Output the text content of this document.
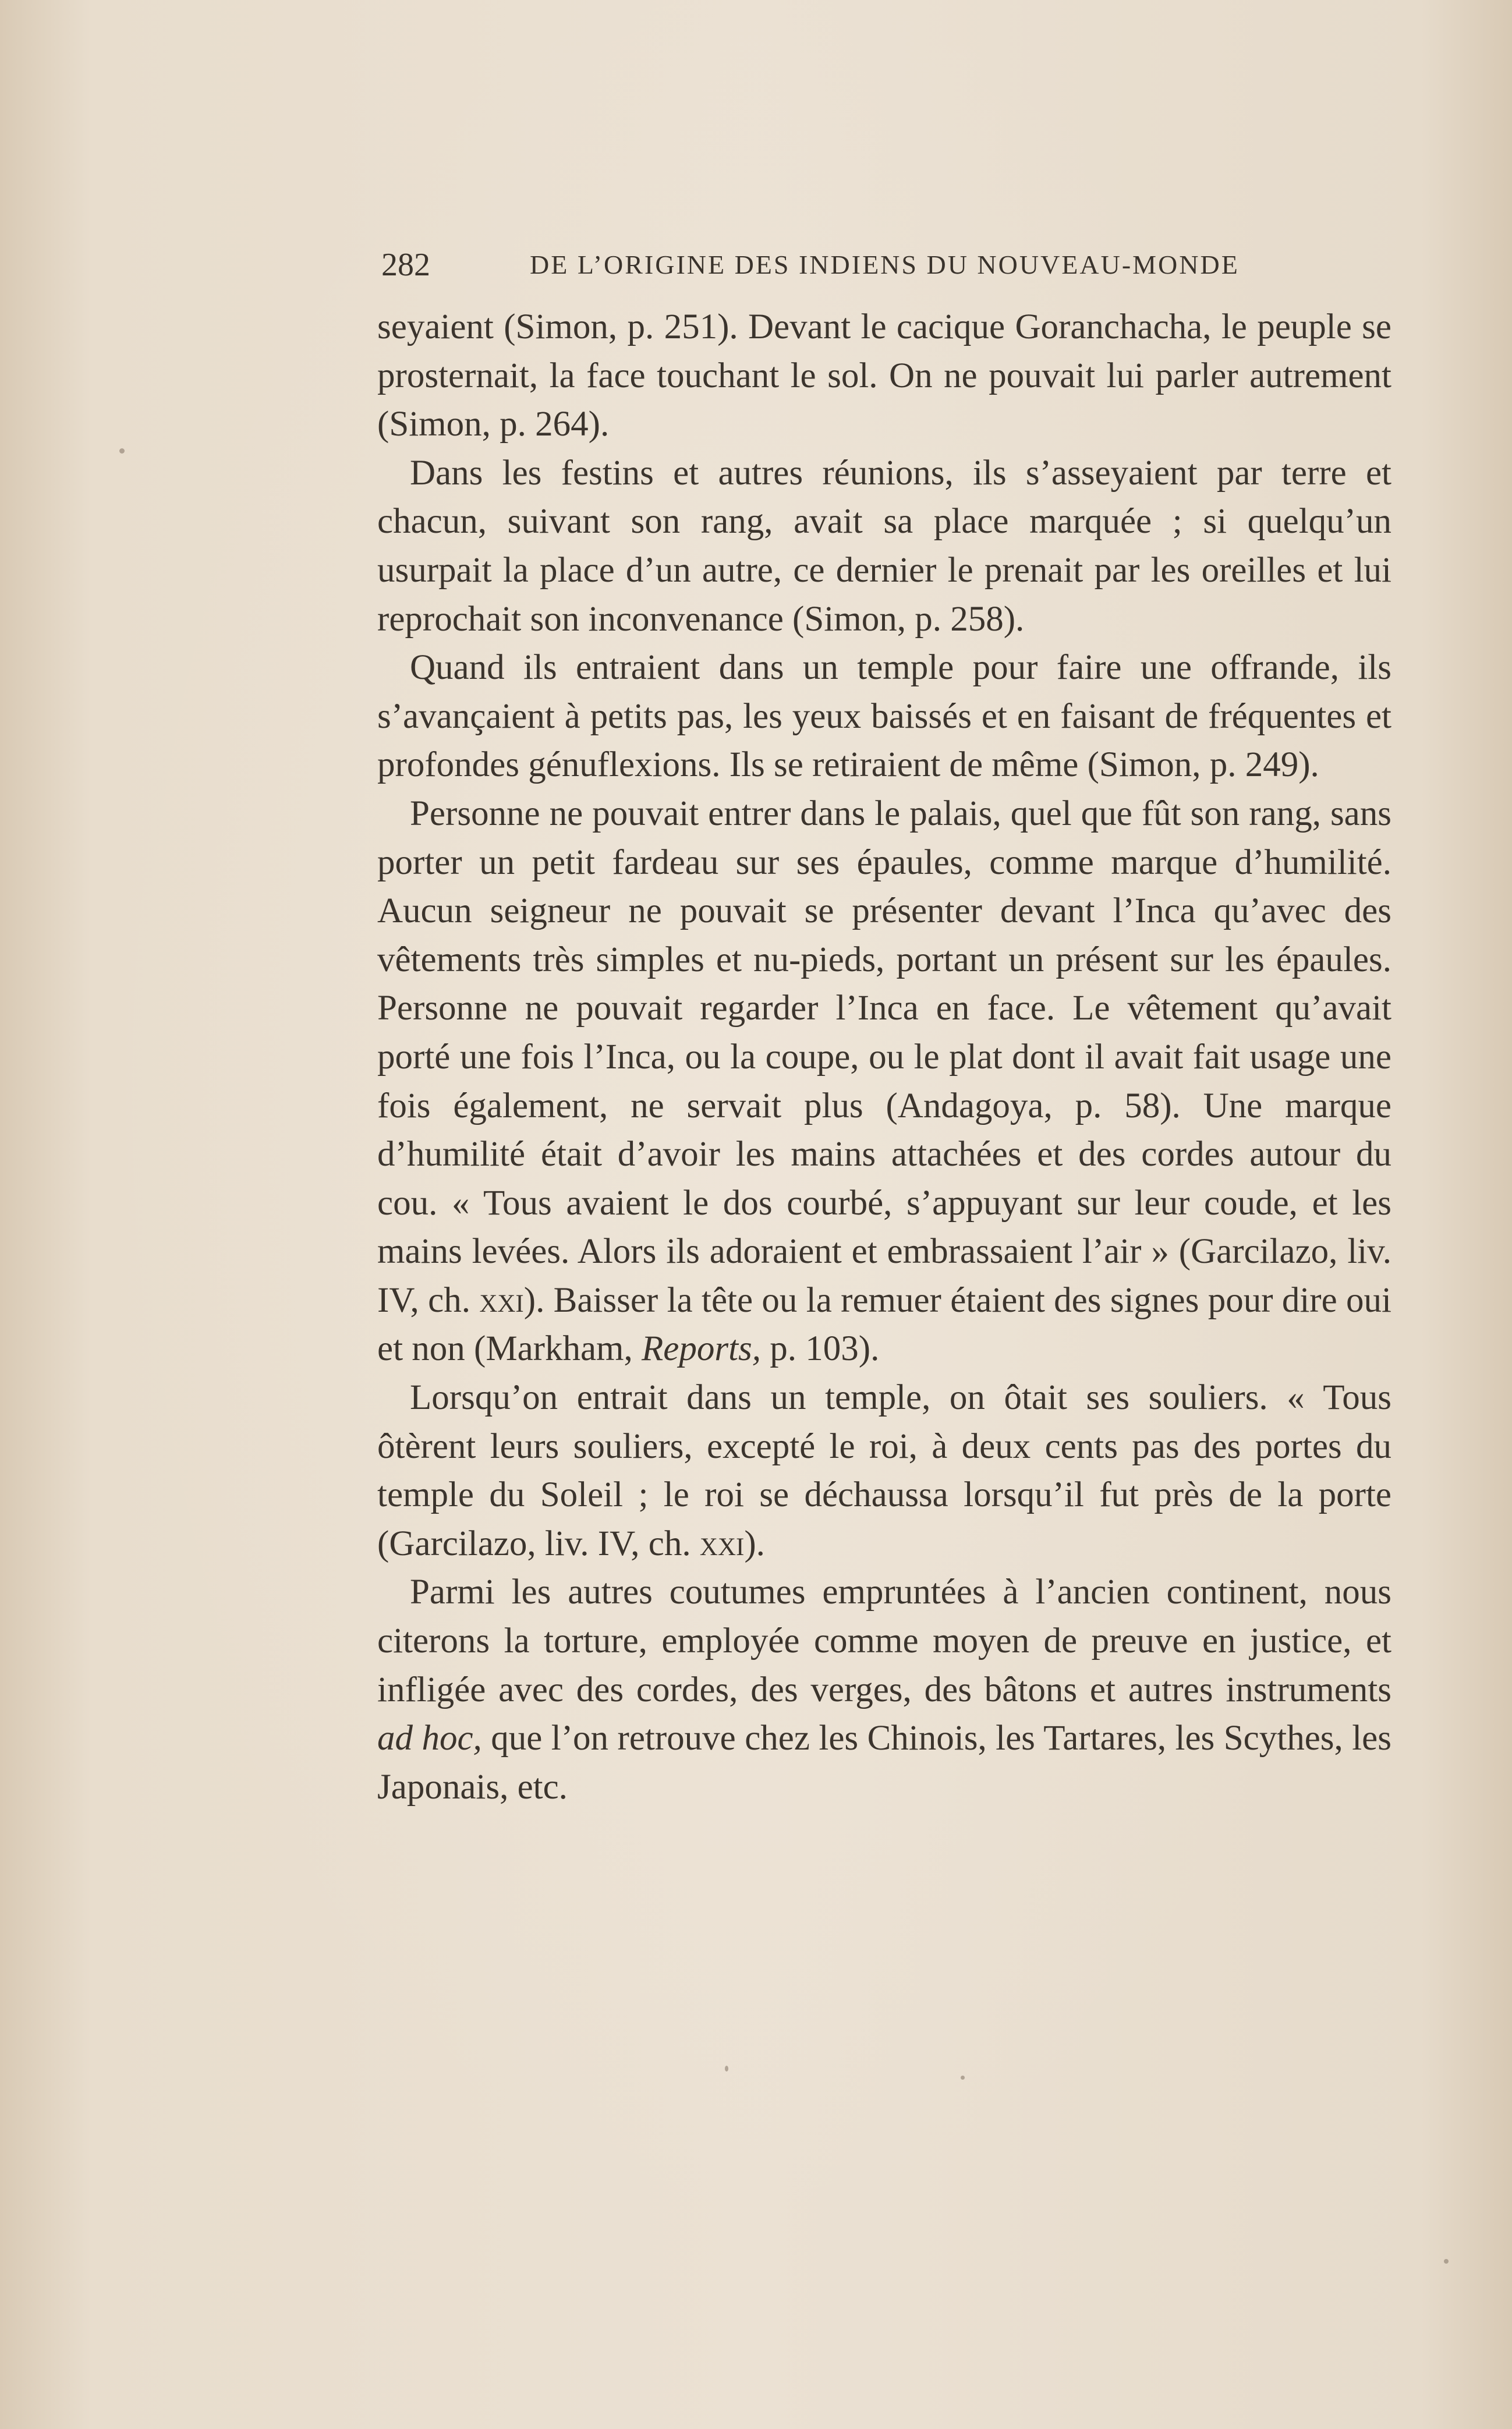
282	DE L’ORIGINE DES INDIENS DU NOUVEAU-MONDE

seyaient (Simon, p. 251). Devant le cacique Goranchacha, le peuple se prosternait, la face touchant le sol. On ne pouvait lui parler autrement (Simon, p. 264).

Dans les festins et autres réunions, ils s’asseyaient par terre et chacun, suivant son rang, avait sa place marquée ; si quelqu’un usurpait la place d’un autre, ce dernier le prenait par les oreilles et lui reprochait son inconvenance (Simon, p. 258).

Quand ils entraient dans un temple pour faire une offrande, ils s’avançaient à petits pas, les yeux baissés et en faisant de fréquentes et profondes génuflexions. Ils se retiraient de même (Simon, p. 249).

Personne ne pouvait entrer dans le palais, quel que fût son rang, sans porter un petit fardeau sur ses épaules, comme marque d’humilité. Aucun seigneur ne pouvait se présenter devant l’Inca qu’avec des vêtements très simples et nu-pieds, portant un présent sur les épaules. Personne ne pouvait regarder l’Inca en face. Le vêtement qu’avait porté une fois l’Inca, ou la coupe, ou le plat dont il avait fait usage une fois également, ne servait plus (Andagoya, p. 58). Une marque d’humilité était d’avoir les mains attachées et des cordes autour du cou. « Tous avaient le dos courbé, s’appuyant sur leur coude, et les mains levées. Alors ils adoraient et embrassaient l’air » (Garcilazo, liv. IV, ch. xxi). Baisser la tête ou la remuer étaient des signes pour dire oui et non (Markham, Reports, p. 103).

Lorsqu’on entrait dans un temple, on ôtait ses souliers. « Tous ôtèrent leurs souliers, excepté le roi, à deux cents pas des portes du temple du Soleil ; le roi se déchaussa lorsqu’il fut près de la porte (Garcilazo, liv. IV, ch. xxi).

Parmi les autres coutumes empruntées à l’ancien continent, nous citerons la torture, employée comme moyen de preuve en justice, et infligée avec des cordes, des verges, des bâtons et autres instruments ad hoc, que l’on retrouve chez les Chinois, les Tartares, les Scythes, les Japonais, etc.
